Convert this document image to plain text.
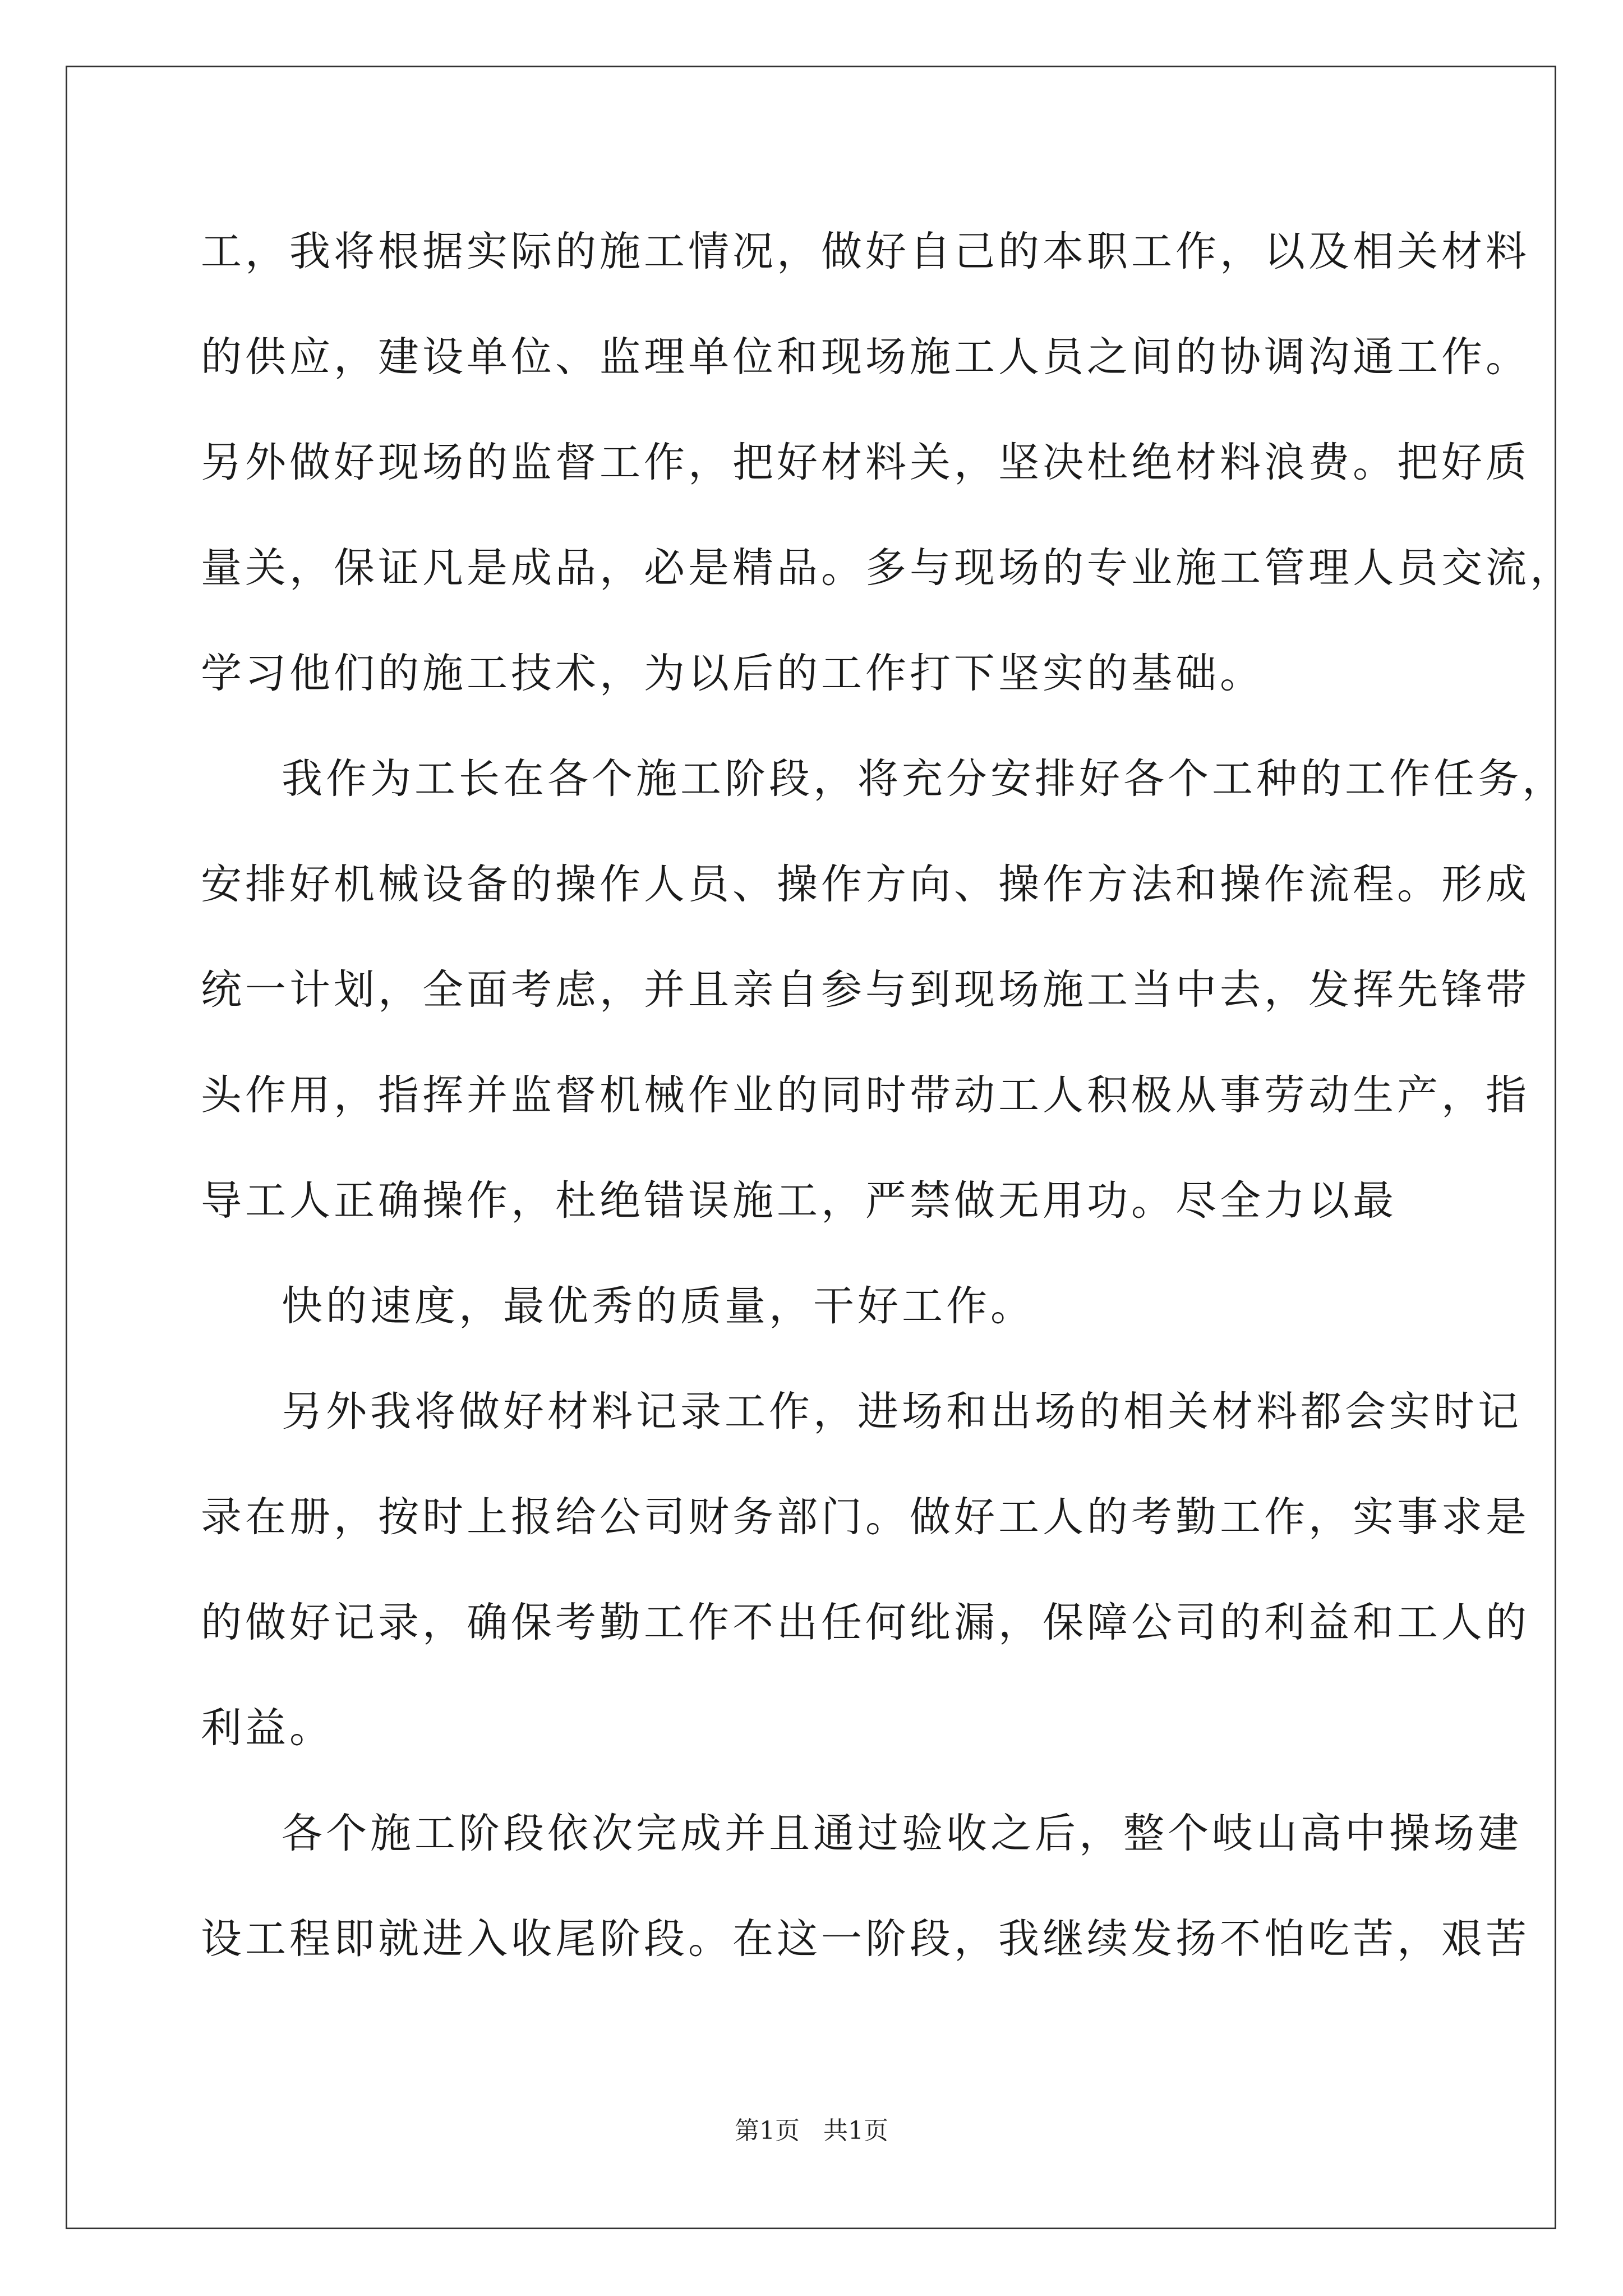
工，我将根据实际的施工情况，做好自己的本职工作，以及相关材料
的供应，建设单位、监理单位和现场施工人员之间的协调沟通工作。
另外做好现场的监督工作，把好材料关，坚决杜绝材料浪费。把好质
量关，保证凡是成品，必是精品。多与现场的专业施工管理人员交流，
学习他们的施工技术，为以后的工作打下坚实的基础。
我作为工长在各个施工阶段，将充分安排好各个工种的工作任务，
安排好机械设备的操作人员、操作方向、操作方法和操作流程。形成
统一计划，全面考虑，并且亲自参与到现场施工当中去，发挥先锋带
头作用，指挥并监督机械作业的同时带动工人积极从事劳动生产，指
导工人正确操作，杜绝错误施工，严禁做无用功。尽全力以最
快的速度，最优秀的质量，干好工作。
另外我将做好材料记录工作，进场和出场的相关材料都会实时记
录在册，按时上报给公司财务部门。做好工人的考勤工作，实事求是
的做好记录，确保考勤工作不出任何纰漏，保障公司的利益和工人的
利益。
各个施工阶段依次完成并且通过验收之后，整个岐山高中操场建
设工程即就进入收尾阶段。在这一阶段，我继续发扬不怕吃苦，艰苦
第1页   共1页
